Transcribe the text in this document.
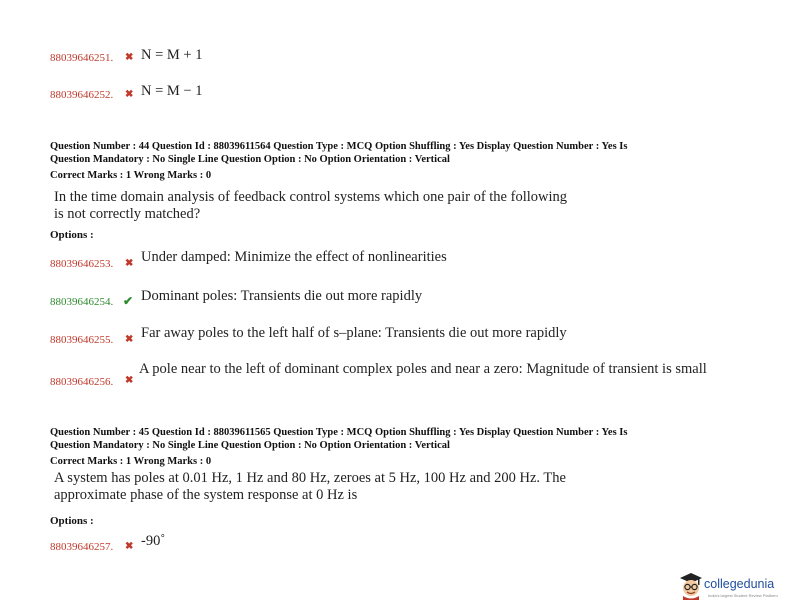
88039646251. ✖ N = M + 1
88039646252. ✖ N = M − 1
Question Number : 44 Question Id : 88039611564 Question Type : MCQ Option Shuffling : Yes Display Question Number : Yes Is
Question Mandatory : No Single Line Question Option : No Option Orientation : Vertical
Correct Marks : 1 Wrong Marks : 0
In the time domain analysis of feedback control systems which one pair of the following
is not correctly matched?
Options :
88039646253. ✖ Under damped: Minimize the effect of nonlinearities
88039646254. ✔ Dominant poles: Transients die out more rapidly
88039646255. ✖ Far away poles to the left half of s–plane: Transients die out more rapidly
88039646256. ✖
A pole near to the left of dominant complex poles and near a zero: Magnitude of transient is small
Question Number : 45 Question Id : 88039611565 Question Type : MCQ Option Shuffling : Yes Display Question Number : Yes Is
Question Mandatory : No Single Line Question Option : No Option Orientation : Vertical
Correct Marks : 1 Wrong Marks : 0
A system has poles at 0.01 Hz, 1 Hz and 80 Hz, zeroes at 5 Hz, 100 Hz and 200 Hz. The
approximate phase of the system response at 0 Hz is
Options :
88039646257. ✖ -90˚
collegedunia
India's largest Student Review Platform
